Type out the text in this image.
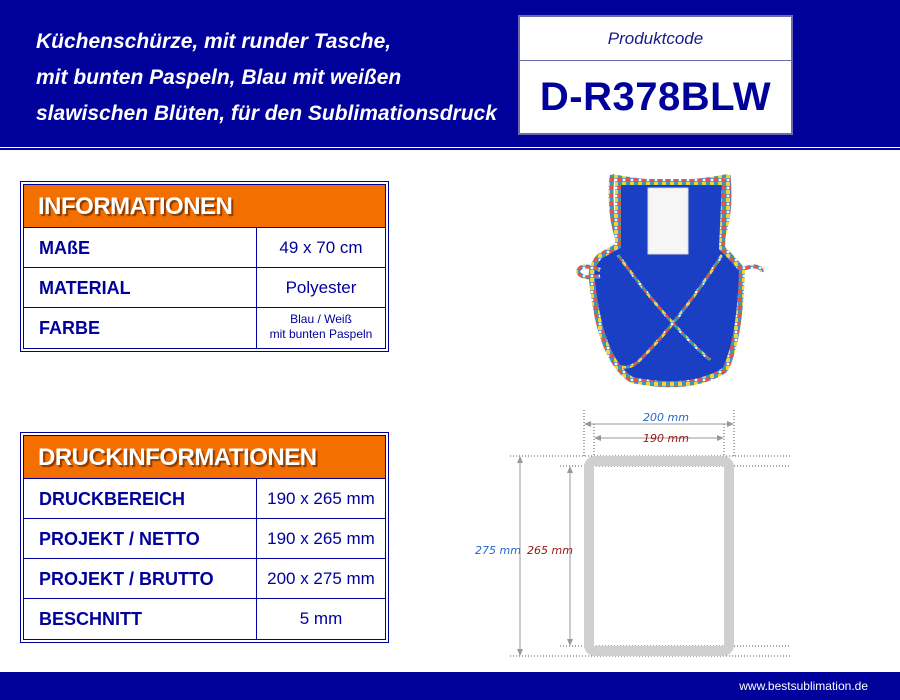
Küchenschürze, mit runder Tasche,
mit bunten Paspeln, Blau mit weißen
slawischen Blüten, für den Sublimationsdruck
Produktcode
D-R378BLW
INFORMATIONEN
MAßE	49 x 70 cm
MATERIAL	Polyester
FARBE	Blau / Weiß
mit bunten Paspeln
DRUCKINFORMATIONEN
DRUCKBEREICH	190 x 265 mm
PROJEKT / NETTO	190 x 265 mm
PROJEKT / BRUTTO	200 x 275 mm
BESCHNITT	5 mm
200 mm
190 mm
275 mm 265 mm
www.bestsublimation.de
